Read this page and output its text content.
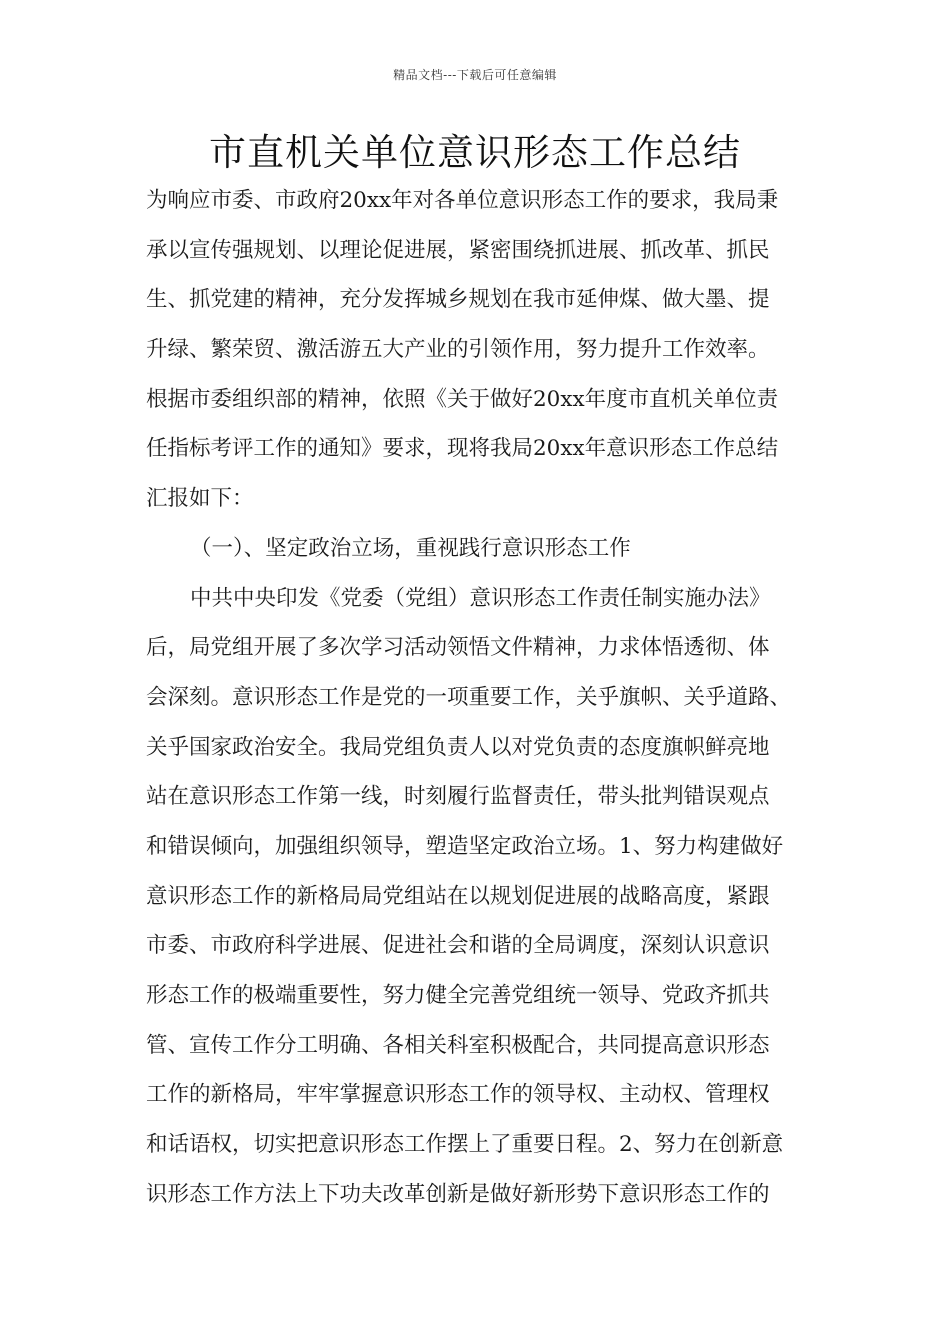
精品文档---下载后可任意编辑
市直机关单位意识形态工作总结
为响应市委、市政府20xx年对各单位意识形态工作的要求，我局秉
承以宣传强规划、以理论促进展，紧密围绕抓进展、抓改革、抓民
生、抓党建的精神，充分发挥城乡规划在我市延伸煤、做大墨、提
升绿、繁荣贸、激活游五大产业的引领作用，努力提升工作效率。
根据市委组织部的精神，依照《关于做好20xx年度市直机关单位责
任指标考评工作的通知》要求，现将我局20xx年意识形态工作总结
汇报如下：
（一）、坚定政治立场，重视践行意识形态工作
中共中央印发《党委（党组）意识形态工作责任制实施办法》
后，局党组开展了多次学习活动领悟文件精神，力求体悟透彻、体
会深刻。意识形态工作是党的一项重要工作，关乎旗帜、关乎道路、
关乎国家政治安全。我局党组负责人以对党负责的态度旗帜鲜亮地
站在意识形态工作第一线，时刻履行监督责任，带头批判错误观点
和错误倾向，加强组织领导，塑造坚定政治立场。1、努力构建做好
意识形态工作的新格局局党组站在以规划促进展的战略高度，紧跟
市委、市政府科学进展、促进社会和谐的全局调度，深刻认识意识
形态工作的极端重要性，努力健全完善党组统一领导、党政齐抓共
管、宣传工作分工明确、各相关科室积极配合，共同提高意识形态
工作的新格局，牢牢掌握意识形态工作的领导权、主动权、管理权
和话语权，切实把意识形态工作摆上了重要日程。2、努力在创新意
识形态工作方法上下功夫改革创新是做好新形势下意识形态工作的
